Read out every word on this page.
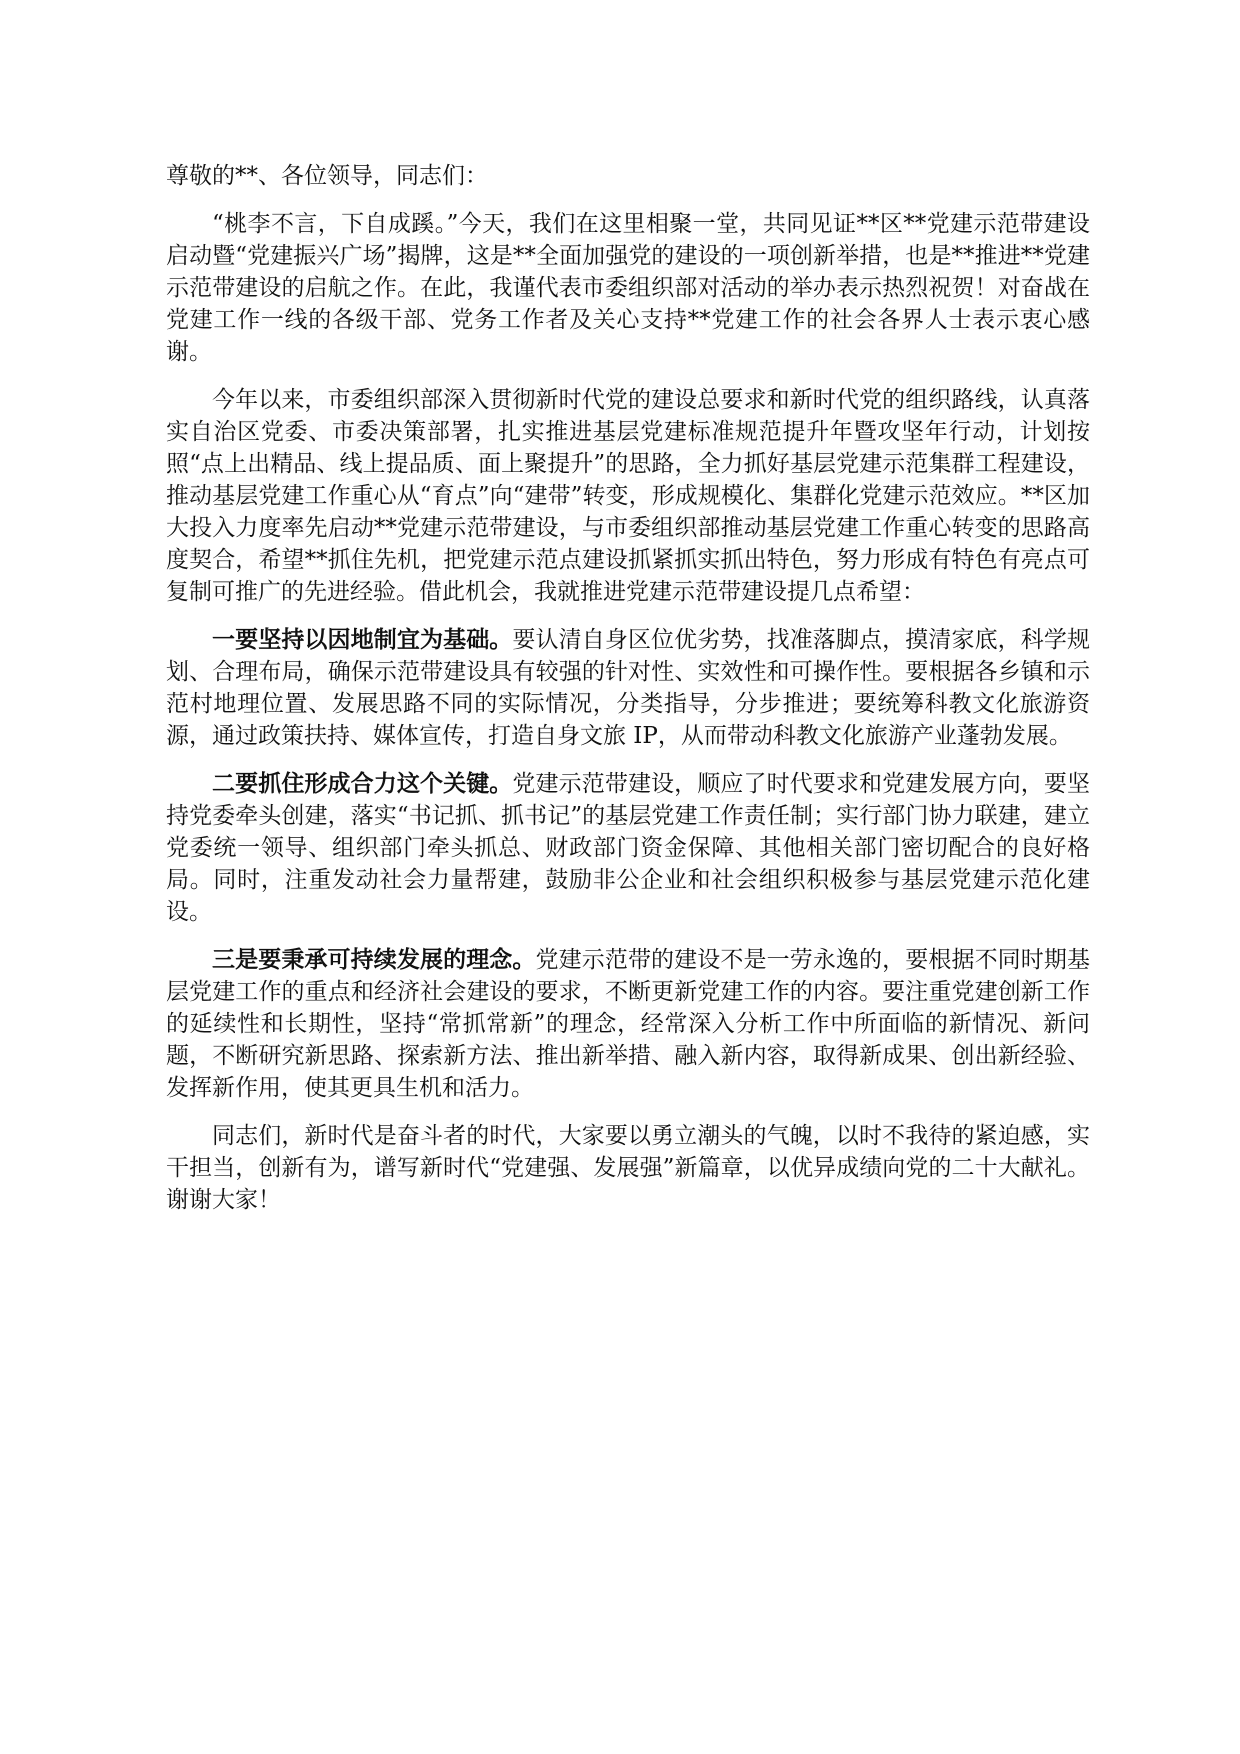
尊敬的**、各位领导，同志们：

“桃李不言，下自成蹊。”今天，我们在这里相聚一堂，共同见证**区**党建示范带建设启动暨“党建振兴广场”揭牌，这是**全面加强党的建设的一项创新举措，也是**推进**党建示范带建设的启航之作。在此，我谨代表市委组织部对活动的举办表示热烈祝贺！对奋战在党建工作一线的各级干部、党务工作者及关心支持**党建工作的社会各界人士表示衷心感谢。

今年以来，市委组织部深入贯彻新时代党的建设总要求和新时代党的组织路线，认真落实自治区党委、市委决策部署，扎实推进基层党建标准规范提升年暨攻坚年行动，计划按照“点上出精品、线上提品质、面上聚提升”的思路，全力抓好基层党建示范集群工程建设，推动基层党建工作重心从“育点”向“建带”转变，形成规模化、集群化党建示范效应。**区加大投入力度率先启动**党建示范带建设，与市委组织部推动基层党建工作重心转变的思路高度契合，希望**抓住先机，把党建示范点建设抓紧抓实抓出特色，努力形成有特色有亮点可复制可推广的先进经验。借此机会，我就推进党建示范带建设提几点希望：

一要坚持以因地制宜为基础。要认清自身区位优劣势，找准落脚点，摸清家底，科学规划、合理布局，确保示范带建设具有较强的针对性、实效性和可操作性。要根据各乡镇和示范村地理位置、发展思路不同的实际情况，分类指导，分步推进；要统筹科教文化旅游资源，通过政策扶持、媒体宣传，打造自身文旅 IP，从而带动科教文化旅游产业蓬勃发展。

二要抓住形成合力这个关键。党建示范带建设，顺应了时代要求和党建发展方向，要坚持党委牵头创建，落实“书记抓、抓书记”的基层党建工作责任制；实行部门协力联建，建立党委统一领导、组织部门牵头抓总、财政部门资金保障、其他相关部门密切配合的良好格局。同时，注重发动社会力量帮建，鼓励非公企业和社会组织积极参与基层党建示范化建设。

三是要秉承可持续发展的理念。党建示范带的建设不是一劳永逸的，要根据不同时期基层党建工作的重点和经济社会建设的要求，不断更新党建工作的内容。要注重党建创新工作的延续性和长期性，坚持“常抓常新”的理念，经常深入分析工作中所面临的新情况、新问题，不断研究新思路、探索新方法、推出新举措、融入新内容，取得新成果、创出新经验、发挥新作用，使其更具生机和活力。

同志们，新时代是奋斗者的时代，大家要以勇立潮头的气魄，以时不我待的紧迫感，实干担当，创新有为，谱写新时代“党建强、发展强”新篇章，以优异成绩向党的二十大献礼。谢谢大家！
